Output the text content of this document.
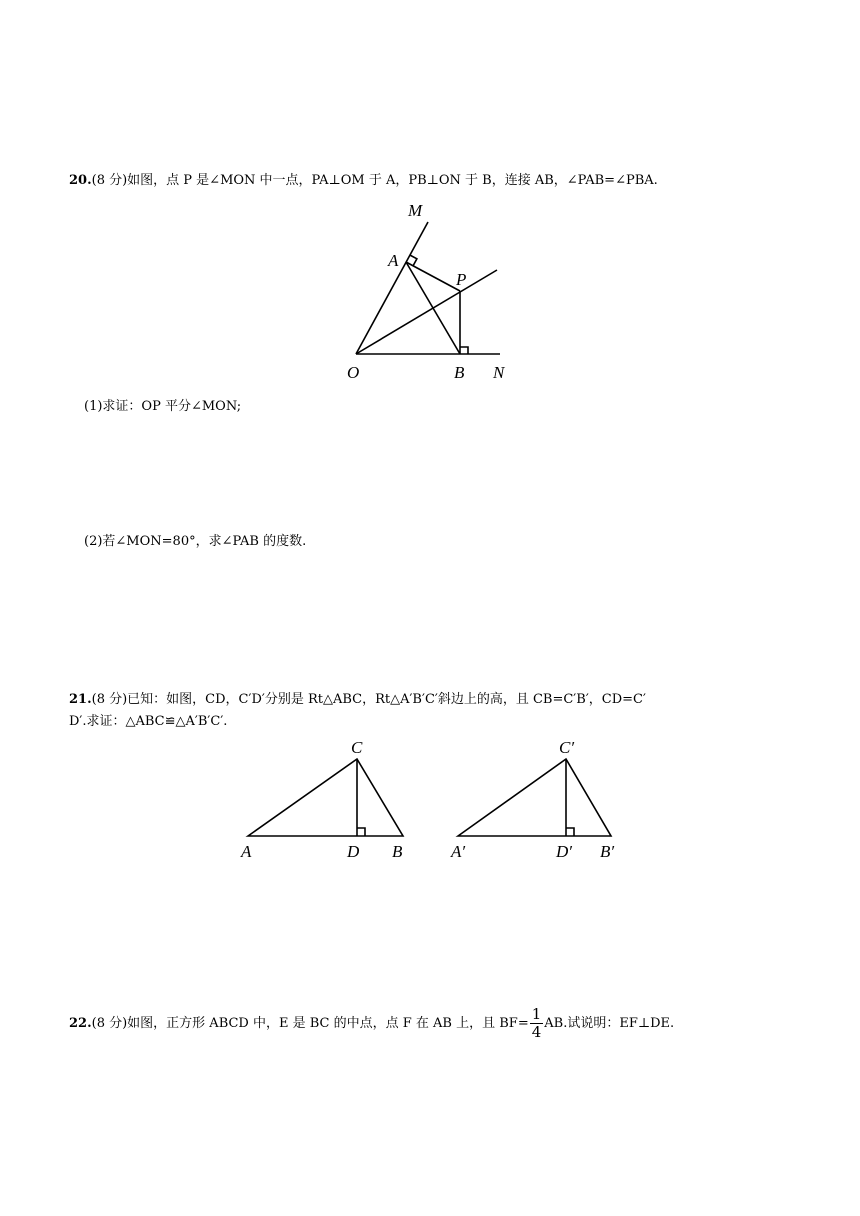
20.(8 分)如图，点 P 是∠MON 中一点，PA⊥OM 于 A，PB⊥ON 于 B，连接 AB，∠PAB=∠PBA.
M
A
P
O	B N
(1)求证：OP 平分∠MON;
(2)若∠MON=80°，求∠PAB 的度数.
21.(8 分)已知：如图，CD，C′D′分别是 Rt△ABC，Rt△A′B′C′斜边上的高，且 CB=C′B′，CD=C′
D′.求证：△ABC≌△A′B′C′.
C
A	D B
C′
A′	D′ B′
22.(8 分)如图，正方形 ABCD 中，E 是 BC 的中点，点 F 在 AB 上，且 $BF= \frac{1}{4}$ AB.试说明：EF⊥DE.
